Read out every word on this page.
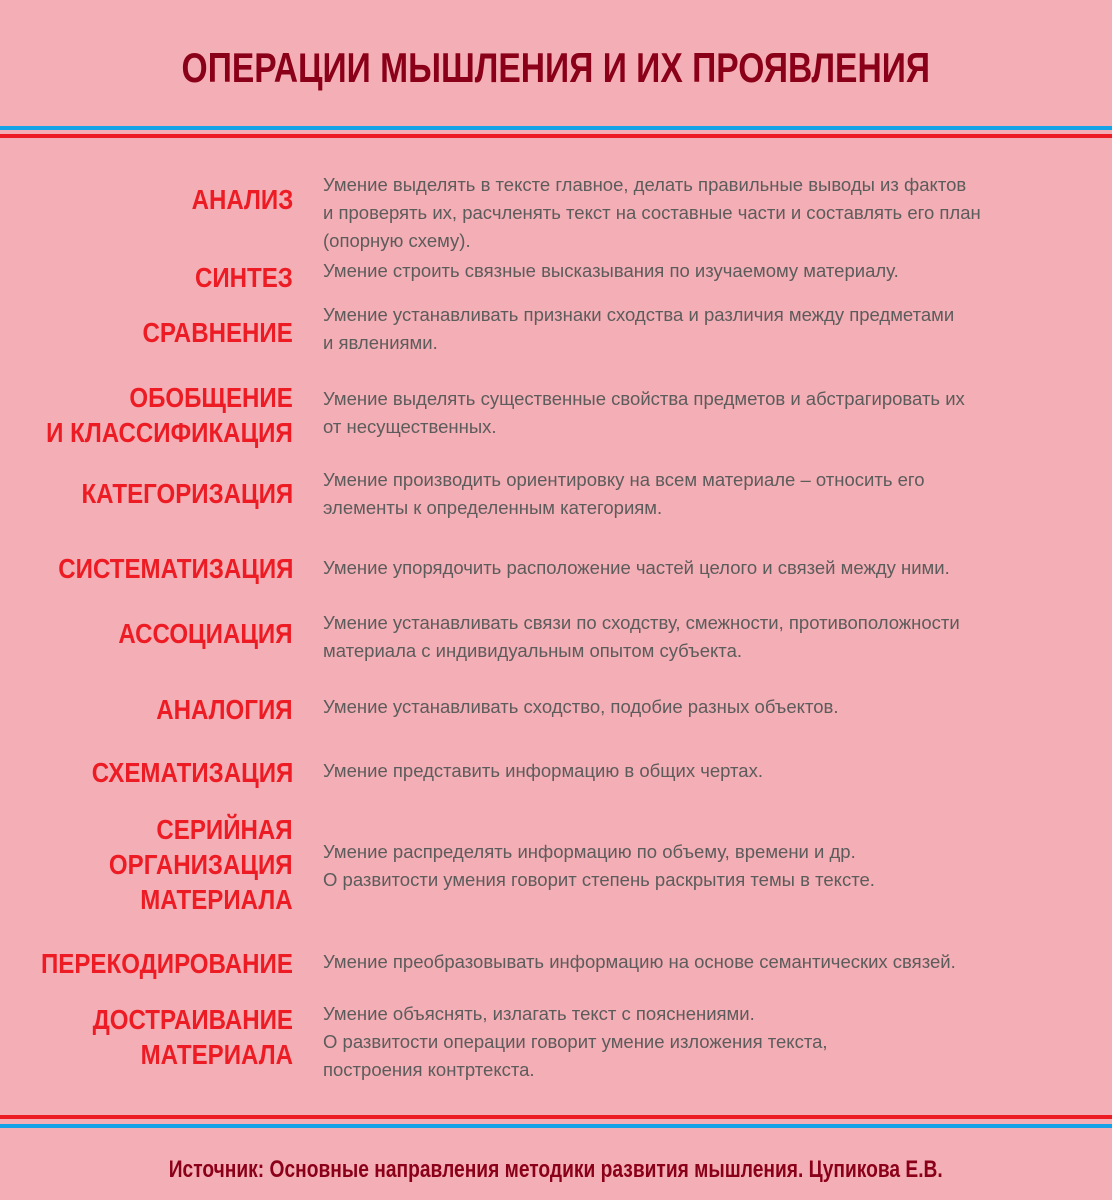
ОПЕРАЦИИ МЫШЛЕНИЯ И ИХ ПРОЯВЛЕНИЯ
АНАЛИЗ Умение выделять в тексте главное, делать правильные выводы из фактов
и проверять их, расчленять текст на составные части и составлять его план
(опорную схему).
СИНТЕЗ Умение строить связные высказывания по изучаемому материалу.
СРАВНЕНИЕ
Умение устанавливать признаки сходства и различия между предметами
и явлениями.
ОБОБЩЕНИЕ
И КЛАССИФИКАЦИЯ
Умение выделять существенные свойства предметов и абстрагировать их
от несущественных.
КАТЕГОРИЗАЦИЯ Умение производить ориентировку на всем материале – относить его
элементы к определенным категориям.
СИСТЕМАТИЗАЦИЯ Умение упорядочить расположение частей целого и связей между ними.
АССОЦИАЦИЯ Умение устанавливать связи по сходству, смежности, противоположности
материала с индивидуальным опытом субъекта.
АНАЛОГИЯ Умение устанавливать сходство, подобие разных объектов.
СХЕМАТИЗАЦИЯ Умение представить информацию в общих чертах.
СЕРИЙНАЯ
ОРГАНИЗАЦИЯ
МАТЕРИАЛА
Умение распределять информацию по объему, времени и др.
О развитости умения говорит степень раскрытия темы в тексте.
ПЕРЕКОДИРОВАНИЕ Умение преобразовывать информацию на основе семантических связей.
ДОСТРАИВАНИЕ
МАТЕРИАЛА
Умение объяснять, излагать текст с пояснениями.
О развитости операции говорит умение изложения текста,
построения контртекста.
Источник: Основные направления методики развития мышления. Цупикова Е.В.
